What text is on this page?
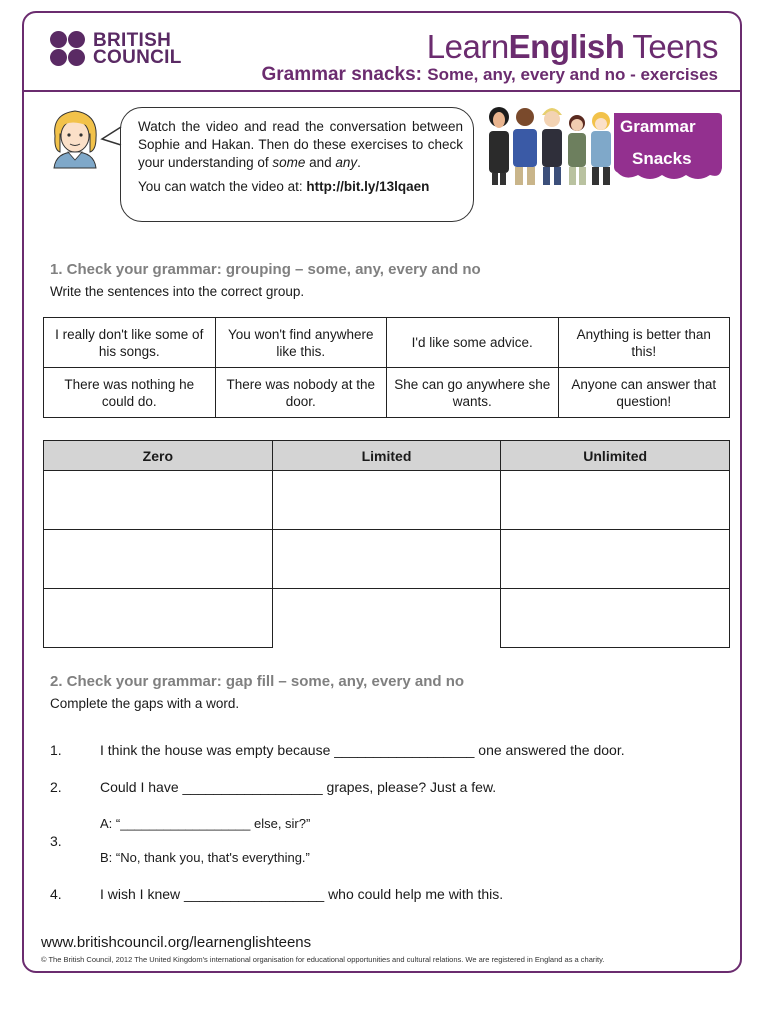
BRITISH
COUNCIL	LearnEnglish Teens
Grammar snacks: Some, any, every and no - exercises

Watch the video and read the conversation between Sophie and Hakan. Then do these exercises to check your understanding of some and any.

You can watch the video at: http://bit.ly/13lqaen

Grammar
Snacks
1. Check your grammar: grouping – some, any, every and no
Write the sentences into the correct group.
I really don't like some of his songs.	You won't find anywhere like this.	I'd like some advice.	Anything is better than this!
There was nothing he could do.	There was nobody at the door.	She can go anywhere she wants.	Anyone can answer that question!
Zero	Limited	Unlimited

2. Check your grammar: gap fill – some, any, every and no
Complete the gaps with a word.
1.	I think the house was empty because __________________ one answered the door.
2.	Could I have __________________ grapes, please? Just a few.
3.
A: “__________________ else, sir?”
B: “No, thank you, that's everything.”
4.	I wish I knew __________________ who could help me with this.
www.britishcouncil.org/learnenglishteens
© The British Council, 2012 The United Kingdom's international organisation for educational opportunities and cultural relations. We are registered in England as a charity.
